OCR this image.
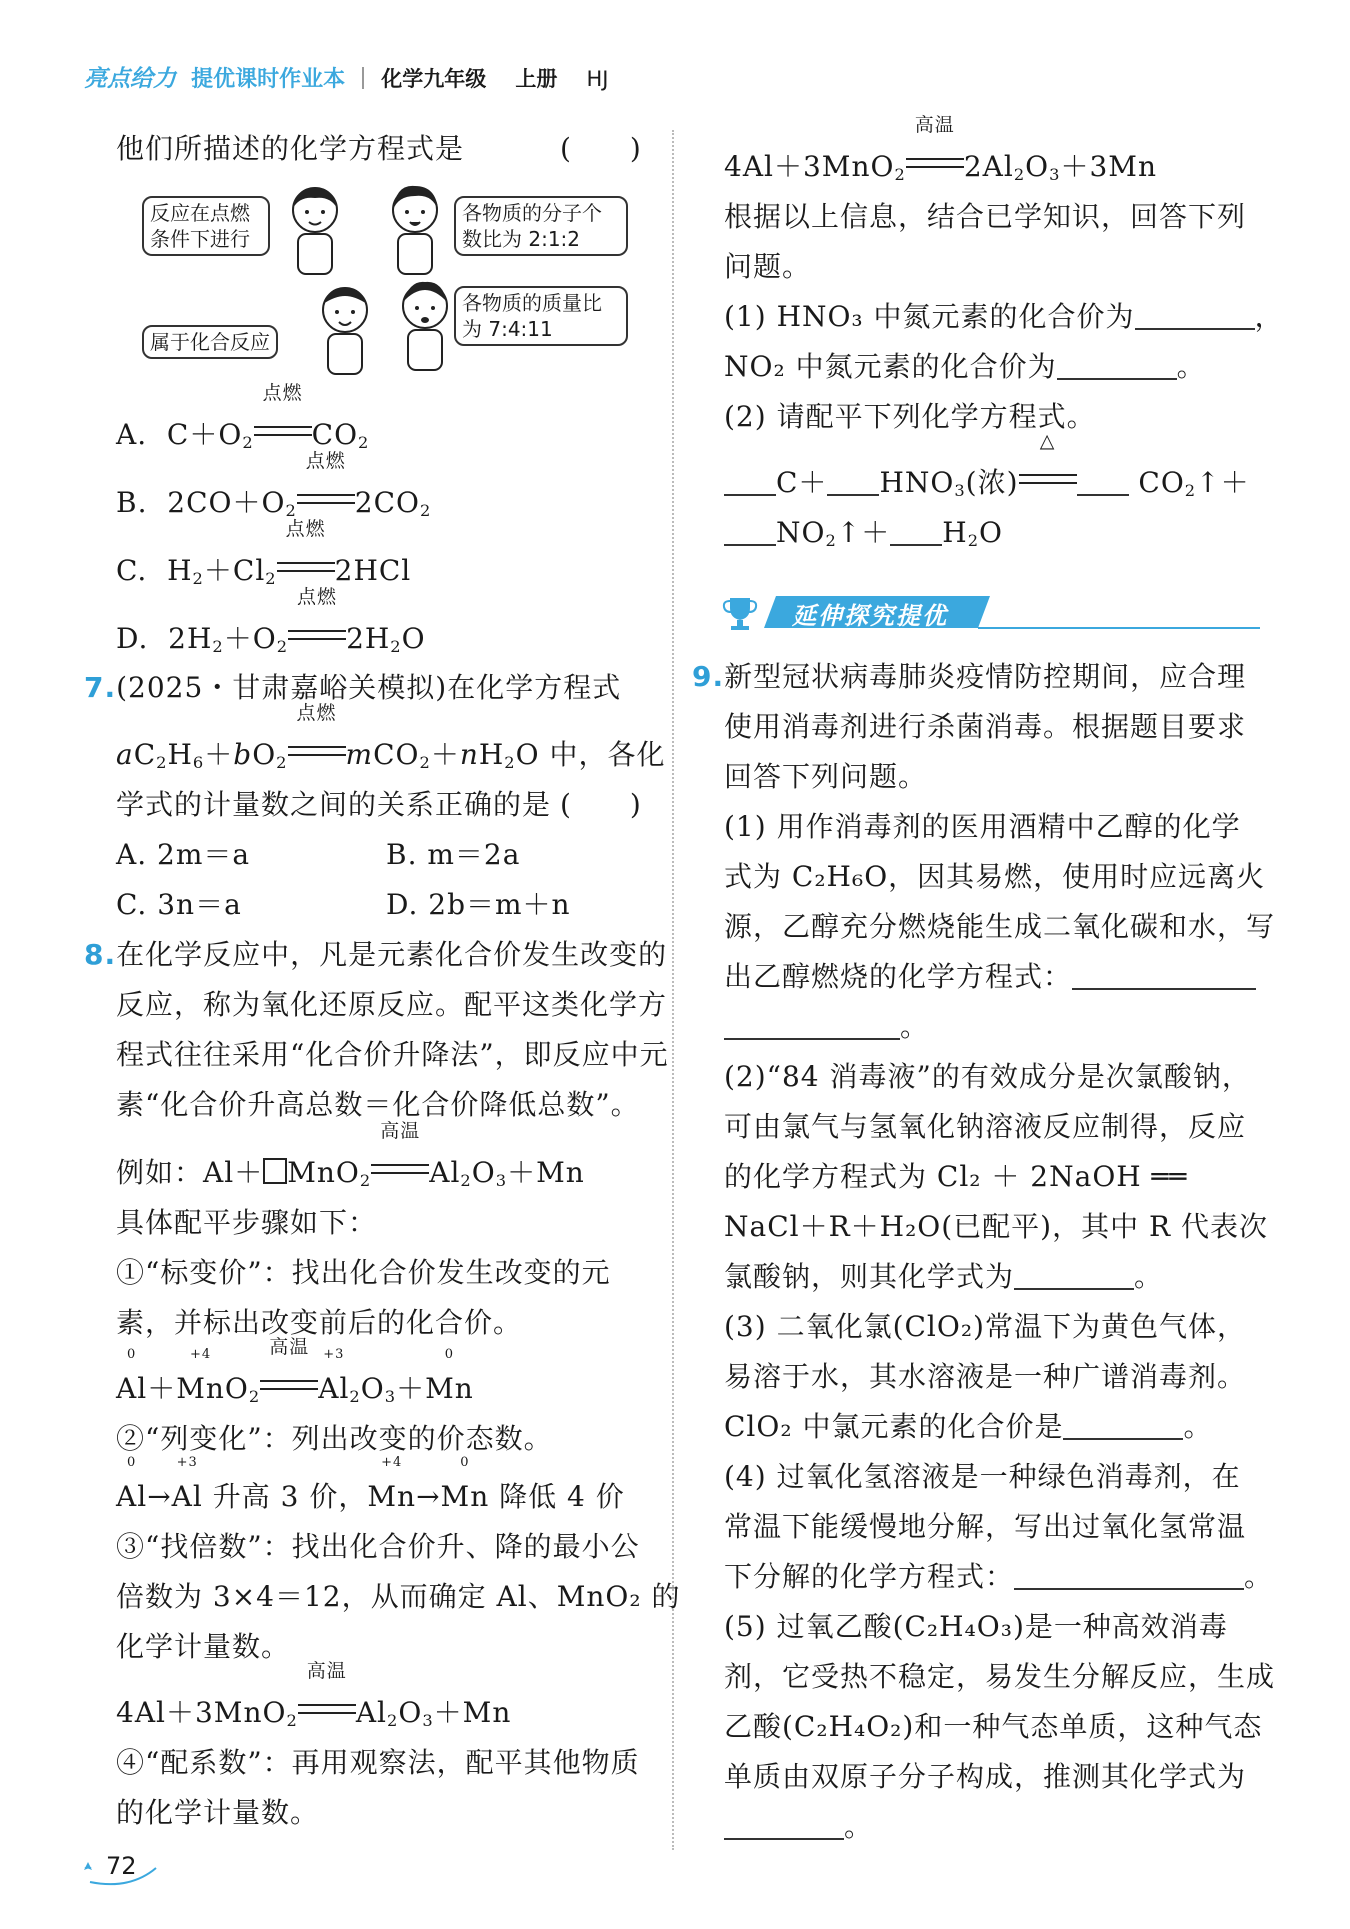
亮点给力 提优课时作业本 化学九年级 上册 HJ
他们所描述的化学方程式是	(　　)
反应在点燃条件下进行
各物质的分子个数比为 2:1:2
属于化合反应
各物质的质量比为 7:4:11
A.  $C+O_2$
点燃
$CO_2$
B.  $2CO+O_2$
点燃
$2CO_2$
C.  $H_2+Cl_2$
点燃
2HCl
D.  $2H_2+O_2$
点燃
$2H_2O$
7.(2025・甘肃嘉峪关模拟)在化学方程式
$aC_2H_6+bO_2$
点燃
$mCO_2+nH_2O$ 中，各化
学式的计量数之间的关系正确的是 (　　)
A. 2m＝a	B. m＝2a
C. 3n＝a	D. 2b＝m＋n
8.在化学反应中，凡是元素化合价发生改变的
反应，称为氧化还原反应。配平这类化学方
程式往往采用“化合价升降法”，即反应中元
素“化合价升高总数＝化合价降低总数”。
例如：Al＋ MnO$_2$
高温
$Al_2O_3+Mn$
具体配平步骤如下：
①“标变价”：找出化合价发生改变的元
素，并标出改变前后的化合价。
0
Al＋
+4
MnO$_2$
高温	+3
$Al_2O_3+$
0
Mn
②“列变化”：列出改变的价态数。
0
Al→
+3
Al 升高 3 价，
+4
Mn→
0
Mn 降低 4 价
③“找倍数”：找出化合价升、降的最小公
倍数为 3×4＝12，从而确定 Al、MnO₂ 的
化学计量数。
4Al＋3MnO$_2$
高温
$Al_2O_3+Mn$
④“配系数”：再用观察法，配平其他物质
的化学计量数。
72
4Al＋3MnO$_2$
高温
$2Al_2O_3+3Mn$
根据以上信息，结合已学知识，回答下列
问题。
(1) HNO₃ 中氮元素的化合价为	，
NO₂ 中氮元素的化合价为	。
(2) 请配平下列化学方程式。
$C+ HNO_3$(浓)
△
$CO_2↑+$
$NO_2↑+ H_2O$
延伸探究提优
9.新型冠状病毒肺炎疫情防控期间，应合理
使用消毒剂进行杀菌消毒。根据题目要求
回答下列问题。
(1) 用作消毒剂的医用酒精中乙醇的化学
式为 C₂H₆O，因其易燃，使用时应远离火
源，乙醇充分燃烧能生成二氧化碳和水，写
出乙醇燃烧的化学方程式：
。
(2)“84 消毒液”的有效成分是次氯酸钠，
可由氯气与氢氧化钠溶液反应制得，反应
的化学方程式为 Cl₂ ＋ 2NaOH ══
NaCl＋R＋H₂O(已配平)，其中 R 代表次
氯酸钠，则其化学式为	。
(3) 二氧化氯(ClO₂)常温下为黄色气体，
易溶于水，其水溶液是一种广谱消毒剂。
ClO₂ 中氯元素的化合价是	。
(4) 过氧化氢溶液是一种绿色消毒剂，在
常温下能缓慢地分解，写出过氧化氢常温
下分解的化学方程式：	。
(5) 过氧乙酸(C₂H₄O₃)是一种高效消毒
剂，它受热不稳定，易发生分解反应，生成
乙酸(C₂H₄O₂)和一种气态单质，这种气态
单质由双原子分子构成，推测其化学式为
。
